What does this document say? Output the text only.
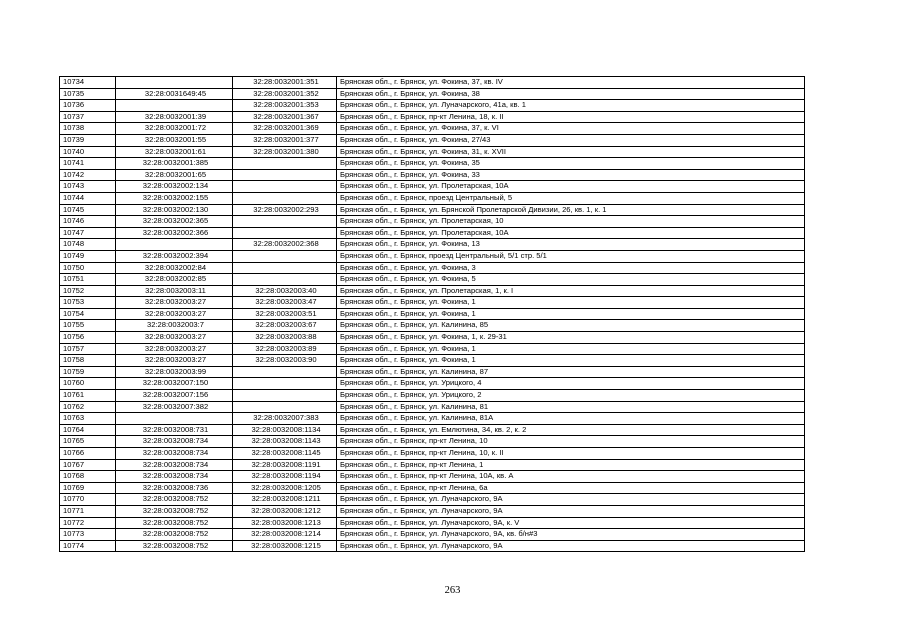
10734		32:28:0032001:351	Брянская обл., г. Брянск, ул. Фокина, 37, кв. IV
10735	32:28:0031649:45	32:28:0032001:352	Брянская обл., г. Брянск, ул. Фокина, 38
10736		32:28:0032001:353	Брянская обл., г. Брянск, ул. Луначарского, 41а, кв. 1
10737	32:28:0032001:39	32:28:0032001:367	Брянская обл., г. Брянск, пр-кт Ленина, 18, к. II
10738	32:28:0032001:72	32:28:0032001:369	Брянская обл., г. Брянск, ул. Фокина, 37, к. VI
10739	32:28:0032001:55	32:28:0032001:377	Брянская обл., г. Брянск, ул. Фокина, 27/43
10740	32:28:0032001:61	32:28:0032001:380	Брянская обл., г. Брянск, ул. Фокина, 31, к. XVII
10741	32:28:0032001:385		Брянская обл., г. Брянск, ул. Фокина, 35
10742	32:28:0032001:65		Брянская обл., г. Брянск, ул. Фокина, 33
10743	32:28:0032002:134		Брянская обл., г. Брянск, ул. Пролетарская, 10А
10744	32:28:0032002:155		Брянская обл., г. Брянск, проезд Центральный, 5
10745	32:28:0032002:130	32:28:0032002:293	Брянская обл., г. Брянск, ул. Брянской Пролетарской Дивизии, 26, кв. 1, к. 1
10746	32:28:0032002:365		Брянская обл., г. Брянск, ул. Пролетарская, 10
10747	32:28:0032002:366		Брянская обл., г. Брянск, ул. Пролетарская, 10А
10748		32:28:0032002:368	Брянская обл., г. Брянск, ул. Фокина, 13
10749	32:28:0032002:394		Брянская обл., г. Брянск, проезд Центральный, 5/1 стр. 5/1
10750	32:28:0032002:84		Брянская обл., г. Брянск, ул. Фокина, 3
10751	32:28:0032002:85		Брянская обл., г. Брянск, ул. Фокина, 5
10752	32:28:0032003:11	32:28:0032003:40	Брянская обл., г. Брянск, ул. Пролетарская, 1, к. I
10753	32:28:0032003:27	32:28:0032003:47	Брянская обл., г. Брянск, ул. Фокина, 1
10754	32:28:0032003:27	32:28:0032003:51	Брянская обл., г. Брянск, ул. Фокина, 1
10755	32:28:0032003:7	32:28:0032003:67	Брянская обл., г. Брянск, ул. Калинина, 85
10756	32:28:0032003:27	32:28:0032003:88	Брянская обл., г. Брянск, ул. Фокина, 1, к. 29-31
10757	32:28:0032003:27	32:28:0032003:89	Брянская обл., г. Брянск, ул. Фокина, 1
10758	32:28:0032003:27	32:28:0032003:90	Брянская обл., г. Брянск, ул. Фокина, 1
10759	32:28:0032003:99		Брянская обл., г. Брянск, ул. Калинина, 87
10760	32:28:0032007:150		Брянская обл., г. Брянск, ул. Урицкого, 4
10761	32:28:0032007:156		Брянская обл., г. Брянск, ул. Урицкого, 2
10762	32:28:0032007:382		Брянская обл., г. Брянск, ул. Калинина, 81
10763		32:28:0032007:383	Брянская обл., г. Брянск, ул. Калинина, 81А
10764	32:28:0032008:731	32:28:0032008:1134	Брянская обл., г. Брянск, ул. Емлютина, 34, кв. 2, к. 2
10765	32:28:0032008:734	32:28:0032008:1143	Брянская обл., г. Брянск, пр-кт Ленина, 10
10766	32:28:0032008:734	32:28:0032008:1145	Брянская обл., г. Брянск, пр-кт Ленина, 10, к. II
10767	32:28:0032008:734	32:28:0032008:1191	Брянская обл., г. Брянск, пр-кт Ленина, 1
10768	32:28:0032008:734	32:28:0032008:1194	Брянская обл., г. Брянск, пр-кт Ленина, 10А, кв. А
10769	32:28:0032008:736	32:28:0032008:1205	Брянская обл., г. Брянск, пр-кт Ленина, 6а
10770	32:28:0032008:752	32:28:0032008:1211	Брянская обл., г. Брянск, ул. Луначарского, 9А
10771	32:28:0032008:752	32:28:0032008:1212	Брянская обл., г. Брянск, ул. Луначарского, 9А
10772	32:28:0032008:752	32:28:0032008:1213	Брянская обл., г. Брянск, ул. Луначарского, 9А, к. V
10773	32:28:0032008:752	32:28:0032008:1214	Брянская обл., г. Брянск, ул. Луначарского, 9А, кв. б/н#3
10774	32:28:0032008:752	32:28:0032008:1215	Брянская обл., г. Брянск, ул. Луначарского, 9А
263
